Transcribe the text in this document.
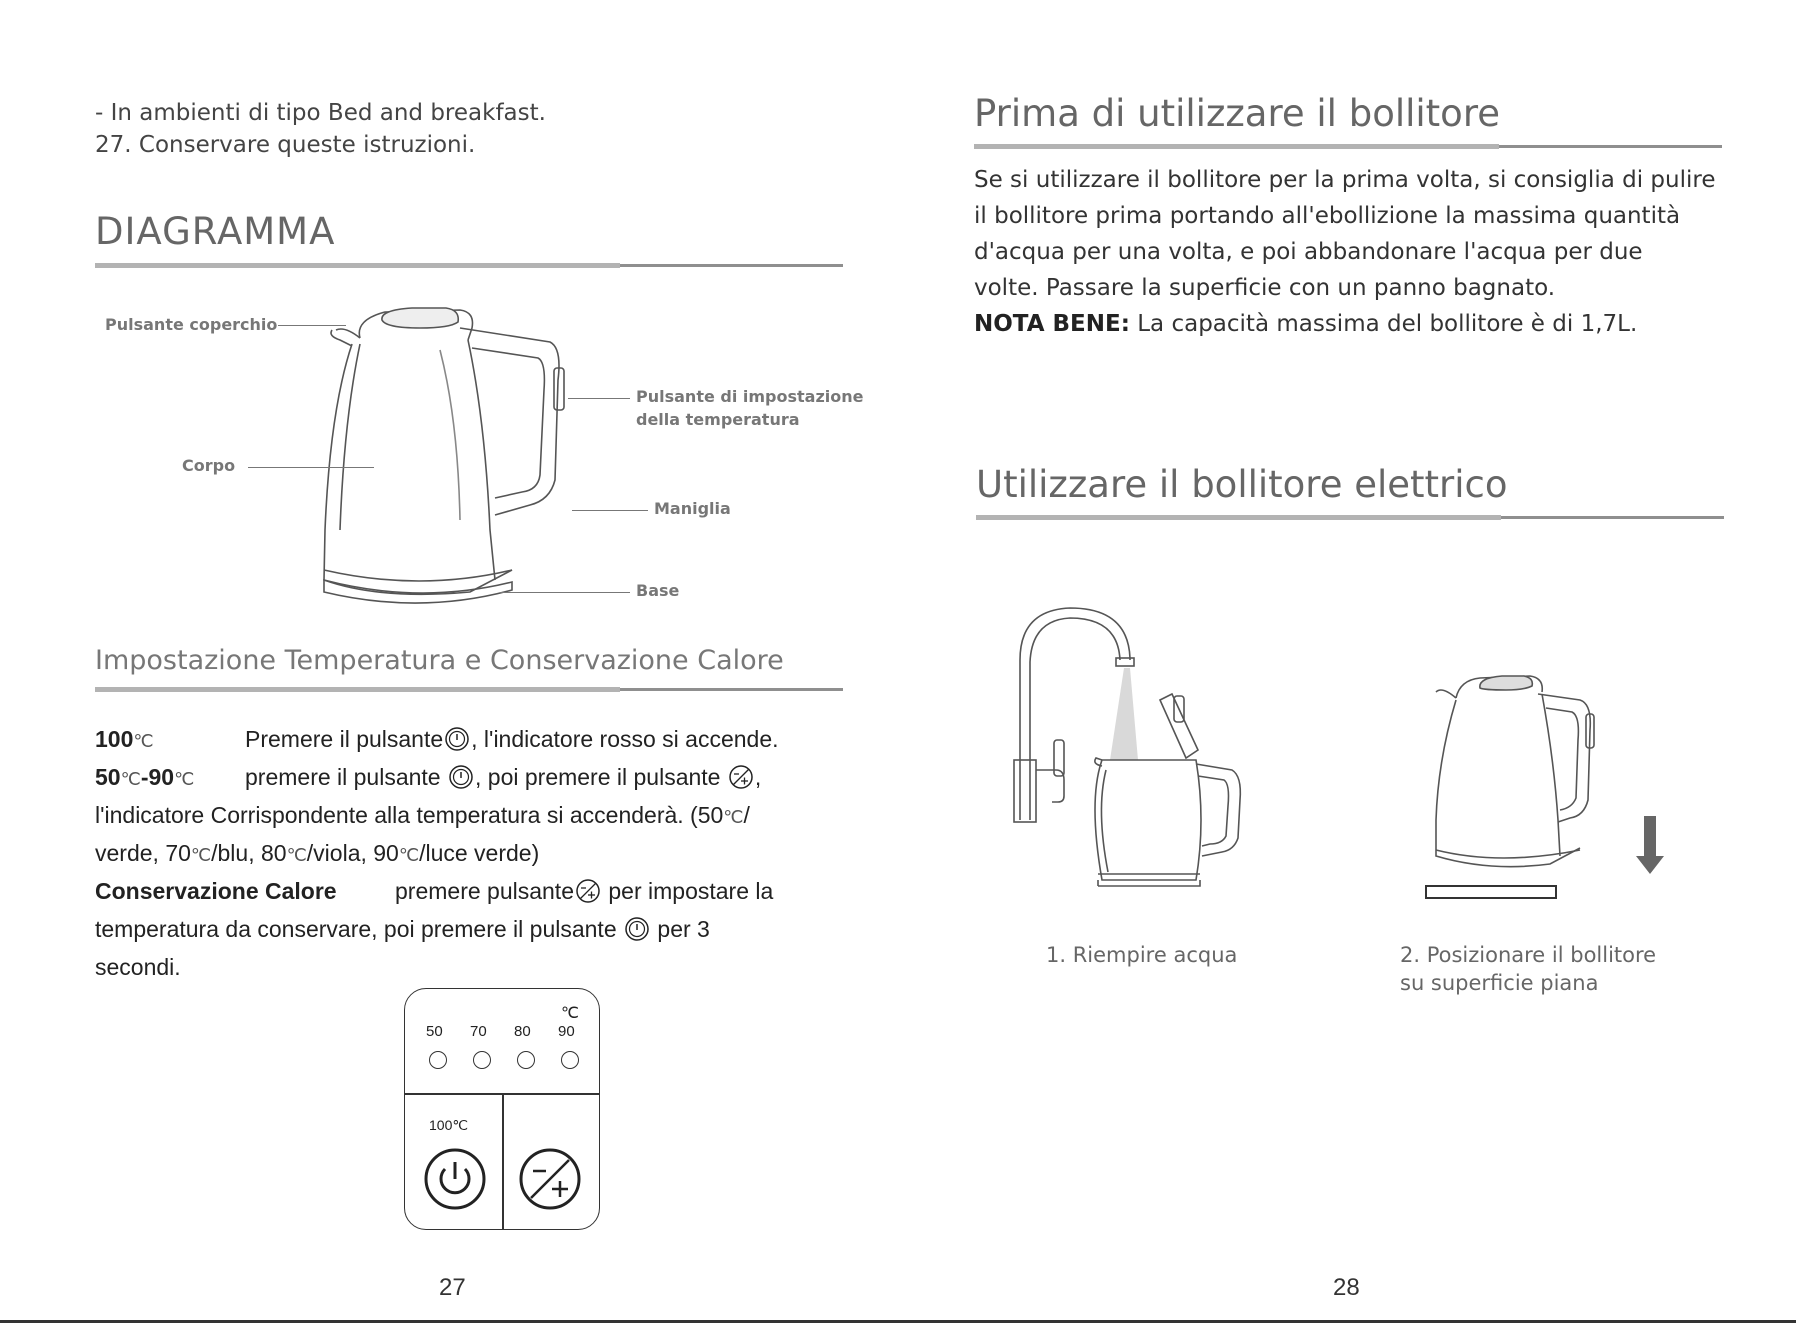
- In ambienti di tipo Bed and breakfast.
27. Conservare queste istruzioni.
DIAGRAMMA
Pulsante coperchio
Corpo
Pulsante di impostazione
della temperatura
Maniglia
Base
Impostazione Temperatura e Conservazione Calore
100℃	Premere il pulsante , l'indicatore rosso si accende.
50℃-90℃ premere il pulsante , poi premere il pulsante ,
l'indicatore Corrispondente alla temperatura si accenderà. (50℃/
verde, 70℃/blu, 80℃/viola, 90℃/luce verde)
Conservazione Calore	premere pulsante per impostare la
temperatura da conservare, poi premere il pulsante per 3
secondi.
℃
50 70 80 90
100℃
27
Prima di utilizzare il bollitore
Se si utilizzare il bollitore per la prima volta, si consiglia di pulire
il bollitore prima portando all'ebollizione la massima quantità
d'acqua per una volta, e poi abbandonare l'acqua per due
volte. Passare la superficie con un panno bagnato.
NOTA BENE: La capacità massima del bollitore è di 1,7L.
Utilizzare il bollitore elettrico
1. Riempire acqua	2. Posizionare il bollitore
su superficie piana
28
